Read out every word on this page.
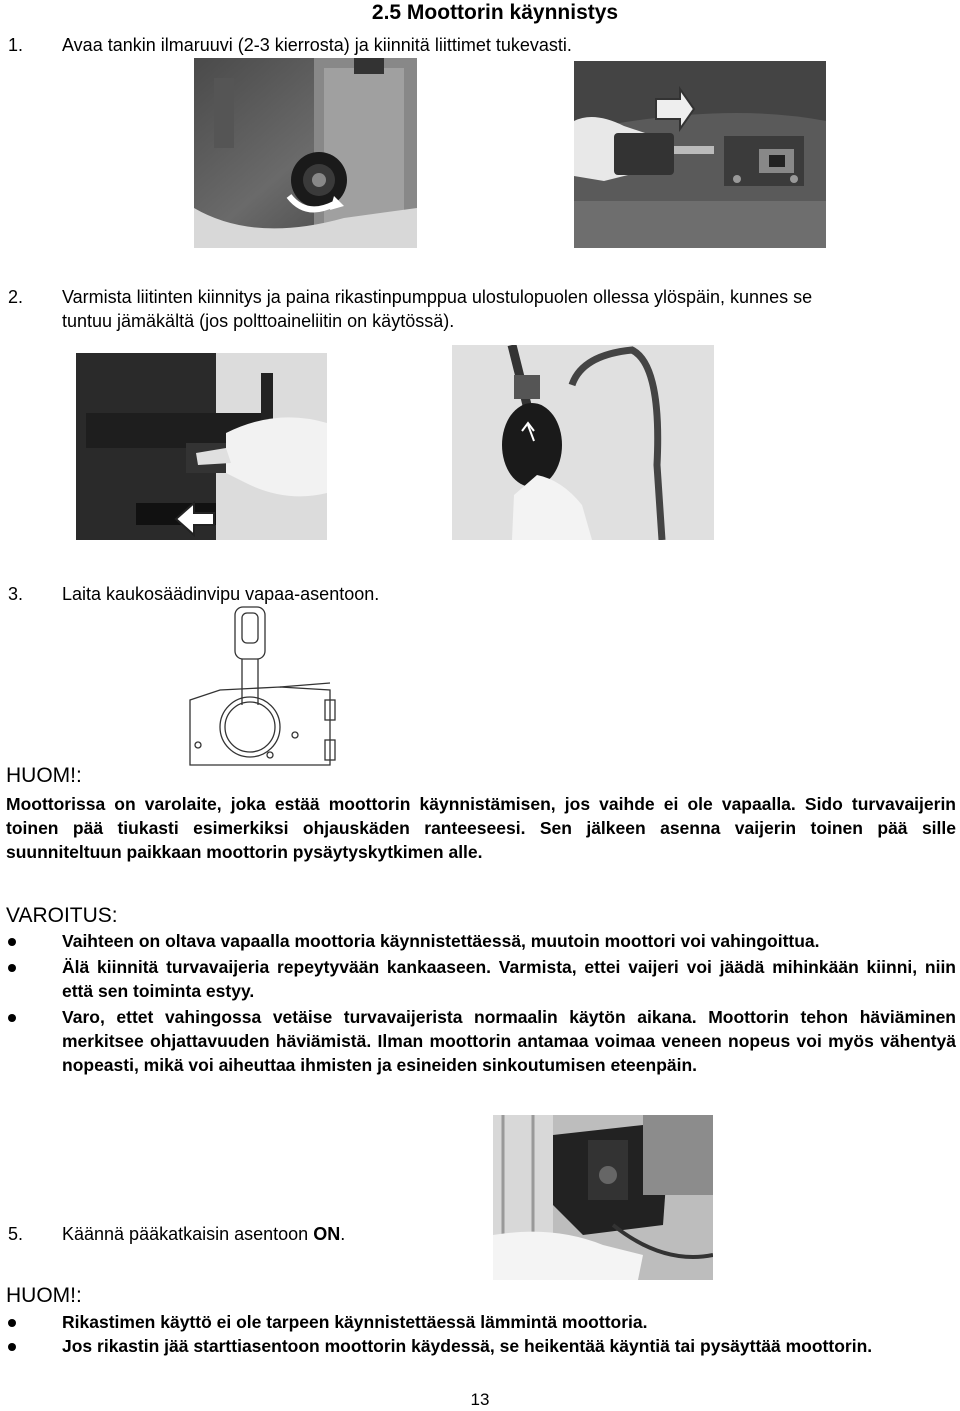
2.5 Moottorin käynnistys
1. Avaa tankin ilmaruuvi (2-3 kierrosta) ja kiinnitä liittimet tukevasti.
2. Varmista liitinten kiinnitys ja paina rikastinpumppua ulostulopuolen ollessa ylöspäin, kunnes se
tuntuu jämäkältä (jos polttoaineliitin on käytössä).
3. Laita kaukosäädinvipu vapaa-asentoon.
HUOM!:
Moottorissa on varolaite, joka estää moottorin käynnistämisen, jos vaihde ei ole vapaalla. Sido turvavaijerin toinen pää tiukasti esimerkiksi ohjauskäden ranteeseesi. Sen jälkeen asenna vaijerin toinen pää sille suunniteltuun paikkaan moottorin pysäytyskytkimen alle.
VAROITUS:
Vaihteen on oltava vapaalla moottoria käynnistettäessä, muutoin moottori voi vahingoittua.
Älä kiinnitä turvavaijeria repeytyvään kankaaseen. Varmista, ettei vaijeri voi jäädä mihinkään kiinni, niin että sen toiminta estyy.
Varo, ettet vahingossa vetäise turvavaijerista normaalin käytön aikana. Moottorin tehon häviäminen merkitsee ohjattavuuden häviämistä. Ilman moottorin antamaa voimaa veneen nopeus voi myös vähentyä nopeasti, mikä voi aiheuttaa ihmisten ja esineiden sinkoutumisen eteenpäin.
5. Käännä pääkatkaisin asentoon ON.
HUOM!:
Rikastimen käyttö ei ole tarpeen käynnistettäessä lämmintä moottoria.
Jos rikastin jää starttiasentoon moottorin käydessä, se heikentää käyntiä tai pysäyttää moottorin.
13
